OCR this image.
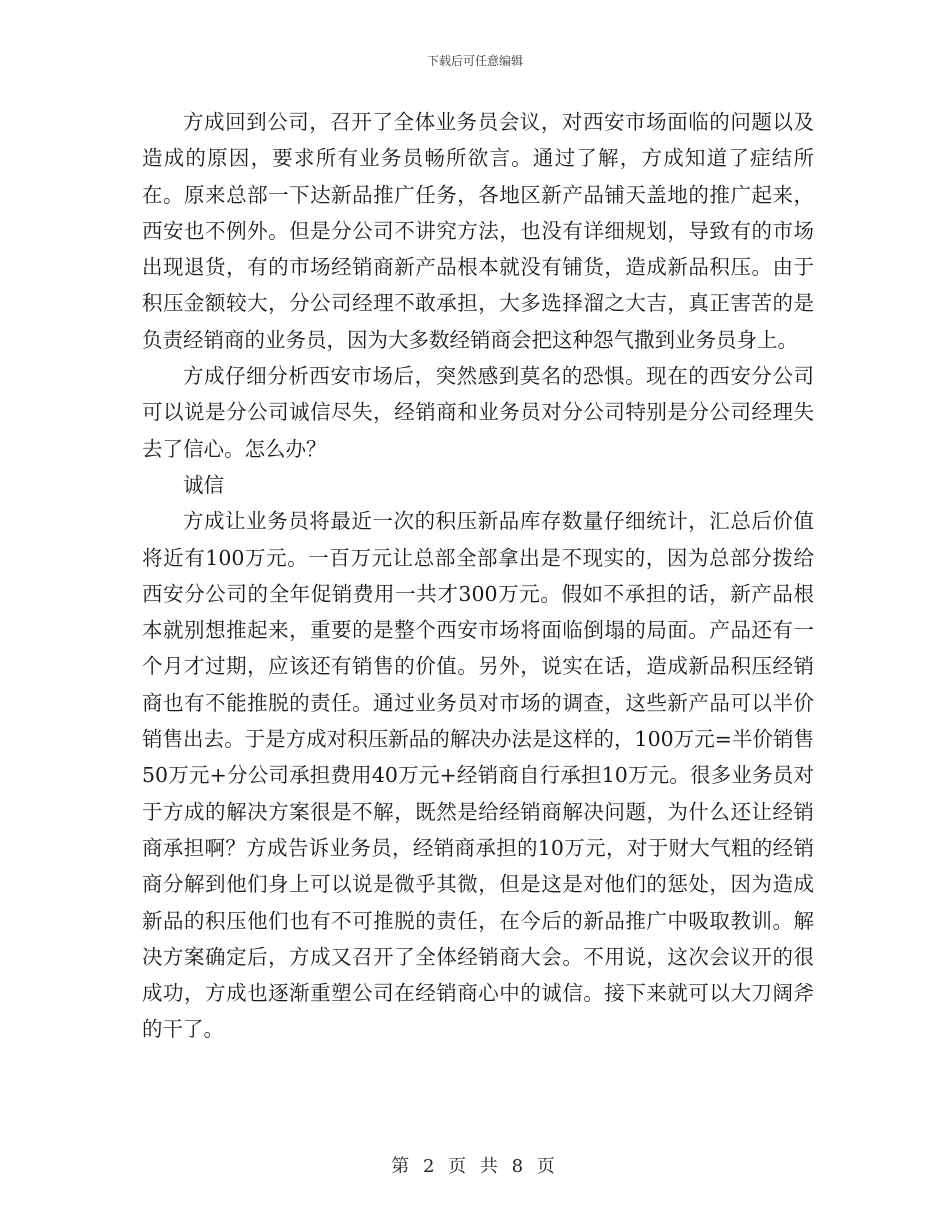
下载后可任意编辑

方成回到公司，召开了全体业务员会议，对西安市场面临的问题以及造成的原因，要求所有业务员畅所欲言。通过了解，方成知道了症结所在。原来总部一下达新品推广任务，各地区新产品铺天盖地的推广起来，西安也不例外。但是分公司不讲究方法，也没有详细规划，导致有的市场出现退货，有的市场经销商新产品根本就没有铺货，造成新品积压。由于积压金额较大，分公司经理不敢承担，大多选择溜之大吉，真正害苦的是负责经销商的业务员，因为大多数经销商会把这种怨气撒到业务员身上。

方成仔细分析西安市场后，突然感到莫名的恐惧。现在的西安分公司可以说是分公司诚信尽失，经销商和业务员对分公司特别是分公司经理失去了信心。怎么办？

诚信

方成让业务员将最近一次的积压新品库存数量仔细统计，汇总后价值将近有100万元。一百万元让总部全部拿出是不现实的，因为总部分拨给西安分公司的全年促销费用一共才300万元。假如不承担的话，新产品根本就别想推起来，重要的是整个西安市场将面临倒塌的局面。产品还有一个月才过期，应该还有销售的价值。另外，说实在话，造成新品积压经销商也有不能推脱的责任。通过业务员对市场的调查，这些新产品可以半价销售出去。于是方成对积压新品的解决办法是这样的，100万元=半价销售50万元+分公司承担费用40万元+经销商自行承担10万元。很多业务员对于方成的解决方案很是不解，既然是给经销商解决问题，为什么还让经销商承担啊？方成告诉业务员，经销商承担的10万元，对于财大气粗的经销商分解到他们身上可以说是微乎其微，但是这是对他们的惩处，因为造成新品的积压他们也有不可推脱的责任，在今后的新品推广中吸取教训。解决方案确定后，方成又召开了全体经销商大会。不用说，这次会议开的很成功，方成也逐渐重塑公司在经销商心中的诚信。接下来就可以大刀阔斧的干了。

第 2 页 共 8 页
